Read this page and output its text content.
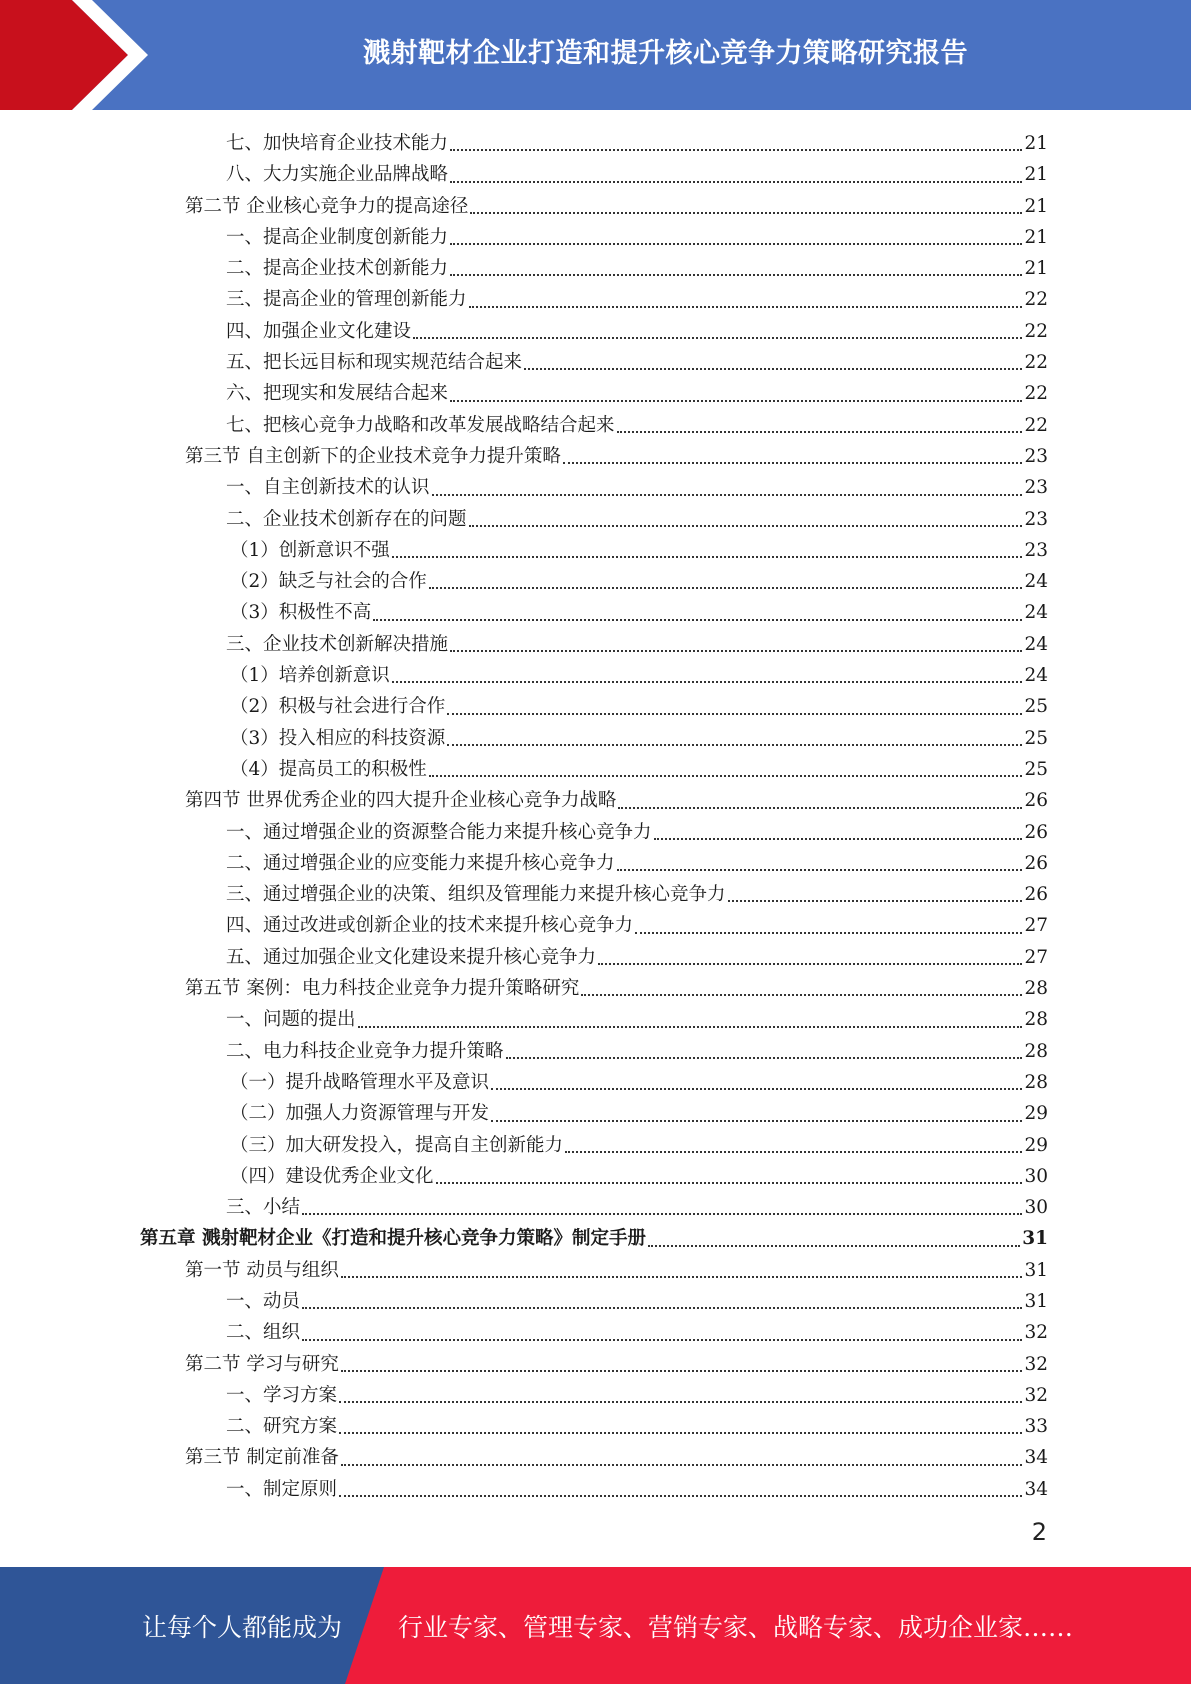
溅射靶材企业打造和提升核心竞争力策略研究报告
七、加快培育企业技术能力	21
八、大力实施企业品牌战略	21
第二节 企业核心竞争力的提高途径	21
一、提高企业制度创新能力	21
二、提高企业技术创新能力	21
三、提高企业的管理创新能力	22
四、加强企业文化建设	22
五、把长远目标和现实规范结合起来	22
六、把现实和发展结合起来	22
七、把核心竞争力战略和改革发展战略结合起来	22
第三节 自主创新下的企业技术竞争力提升策略	23
一、自主创新技术的认识	23
二、企业技术创新存在的问题	23
（1）创新意识不强	23
（2）缺乏与社会的合作	24
（3）积极性不高	24
三、企业技术创新解决措施	24
（1）培养创新意识	24
（2）积极与社会进行合作	25
（3）投入相应的科技资源	25
（4）提高员工的积极性	25
第四节 世界优秀企业的四大提升企业核心竞争力战略	26
一、通过增强企业的资源整合能力来提升核心竞争力	26
二、通过增强企业的应变能力来提升核心竞争力	26
三、通过增强企业的决策、组织及管理能力来提升核心竞争力	26
四、通过改进或创新企业的技术来提升核心竞争力	27
五、通过加强企业文化建设来提升核心竞争力	27
第五节 案例：电力科技企业竞争力提升策略研究	28
一、问题的提出	28
二、电力科技企业竞争力提升策略	28
（一）提升战略管理水平及意识	28
（二）加强人力资源管理与开发	29
（三）加大研发投入，提高自主创新能力	29
（四）建设优秀企业文化	30
三、小结	30
第五章 溅射靶材企业《打造和提升核心竞争力策略》制定手册	31
第一节 动员与组织	31
一、动员	31
二、组织	32
第二节 学习与研究	32
一、学习方案	32
二、研究方案	33
第三节 制定前准备	34
一、制定原则	34
2
让每个人都能成为 行业专家、管理专家、营销专家、战略专家、成功企业家……
